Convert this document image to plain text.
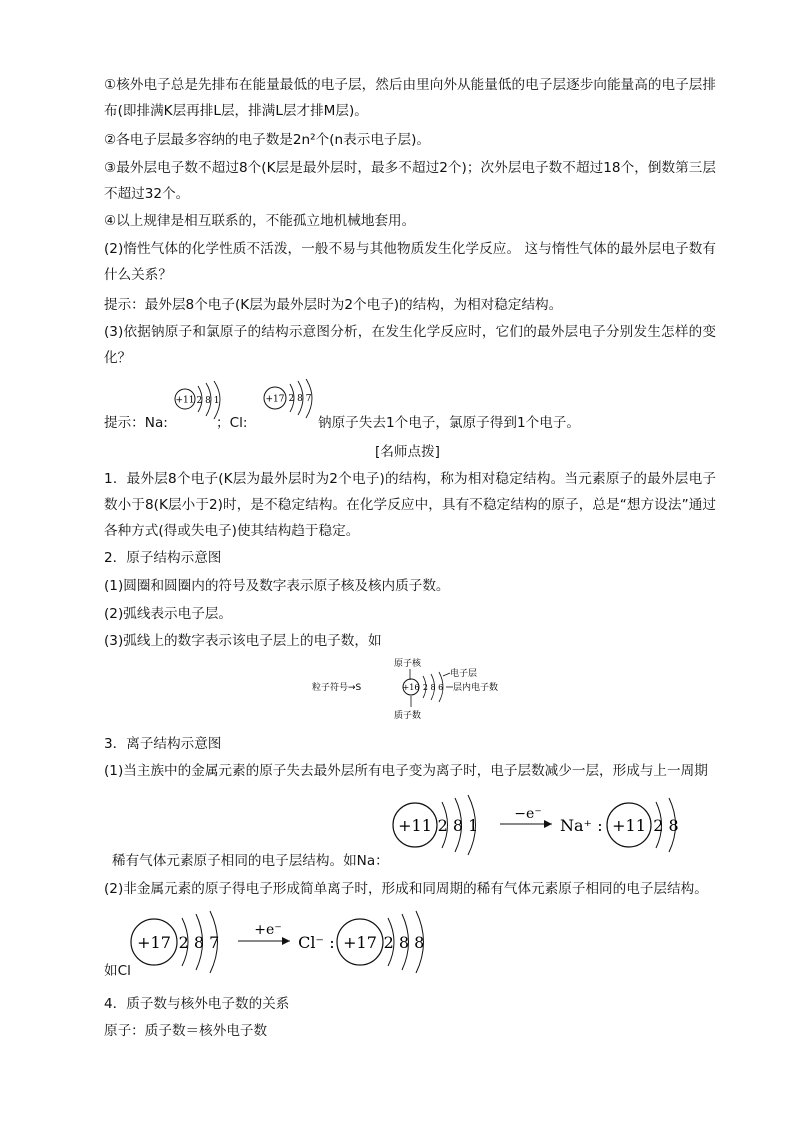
①核外电子总是先排布在能量最低的电子层，然后由里向外从能量低的电子层逐步向能量高的电子层排布(即排满K层再排L层，排满L层才排M层)。

②各电子层最多容纳的电子数是2n²个(n表示电子层)。

③最外层电子数不超过8个(K层是最外层时，最多不超过2个)；次外层电子数不超过18个，倒数第三层不超过32个。

④以上规律是相互联系的，不能孤立地机械地套用。

(2)惰性气体的化学性质不活泼，一般不易与其他物质发生化学反应。 这与惰性气体的最外层电子数有什么关系？

提示：最外层8个电子(K层为最外层时为2个电子)的结构，为相对稳定结构。

(3)依据钠原子和氯原子的结构示意图分析，在发生化学反应时，它们的最外层电子分别发生怎样的变化？

提示：Na:
+11 2 8 1
；Cl:
+17 2 8 7
钠原子失去1个电子，氯原子得到1个电子。
[名师点拨]

1．最外层8个电子(K层为最外层时为2个电子)的结构，称为相对稳定结构。当元素原子的最外层电子数小于8(K层小于2)时，是不稳定结构。在化学反应中，具有不稳定结构的原子，总是“想方设法”通过各种方式(得或失电子)使其结构趋于稳定。

2．原子结构示意图

(1)圆圈和圆圈内的符号及数字表示原子核及核内质子数。

(2)弧线表示电子层。

(3)弧线上的数字表示该电子层上的电子数，如

粒子符号→S
原子核
+16 2 8 6
电子层
层内电子数
质子数

3．离子结构示意图

(1)当主族中的金属元素的原子失去最外层所有电子变为离子时，电子层数减少一层，形成与上一周期

+11 2 8 1
−e⁻
Na⁺ : +11 2 8

稀有气体元素原子相同的电子层结构。如Na：

(2)非金属元素的原子得电子形成简单离子时，形成和同周期的稀有气体元素原子相同的电子层结构。

+17 2 8 7
+e⁻
Cl⁻ : +17 2 8 8
如Cl

4．质子数与核外电子数的关系

原子：质子数＝核外电子数
